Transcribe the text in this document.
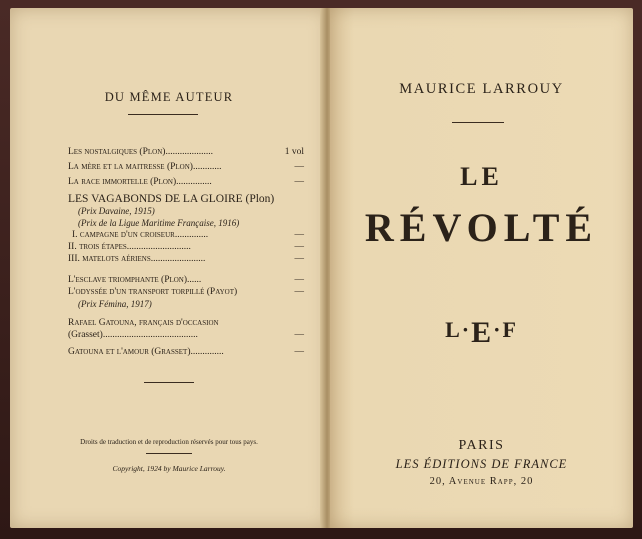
DU MÊME AUTEUR
Les nostalgiques (Plon)....................	1 vol
La mère et la maitresse (Plon)............	—
La race immortelle (Plon)...............	—
LES VAGABONDS DE LA GLOIRE (Plon)
(Prix Davaine, 1915)
(Prix de la Ligue Maritime Française, 1916)
I. campagne d'un croiseur..............	—
II. trois étapes...........................	—
III. matelots aériens.......................	—
L'esclave triomphante (Plon)......	—
L'odyssée d'un transport torpillé (Payot)	—
(Prix Fémina, 1917)
Rafael Gatouna, français d'occasion
(Grasset)........................................	—
Gatouna et l'amour (Grasset)..............	—
Droits de traduction et de reproduction réservés pour tous pays.
Copyright, 1924 by Maurice Larrouy.
MAURICE LARROUY
LE
RÉVOLTÉ
L·E·F
PARIS
LES ÉDITIONS DE FRANCE
20, Avenue Rapp, 20
